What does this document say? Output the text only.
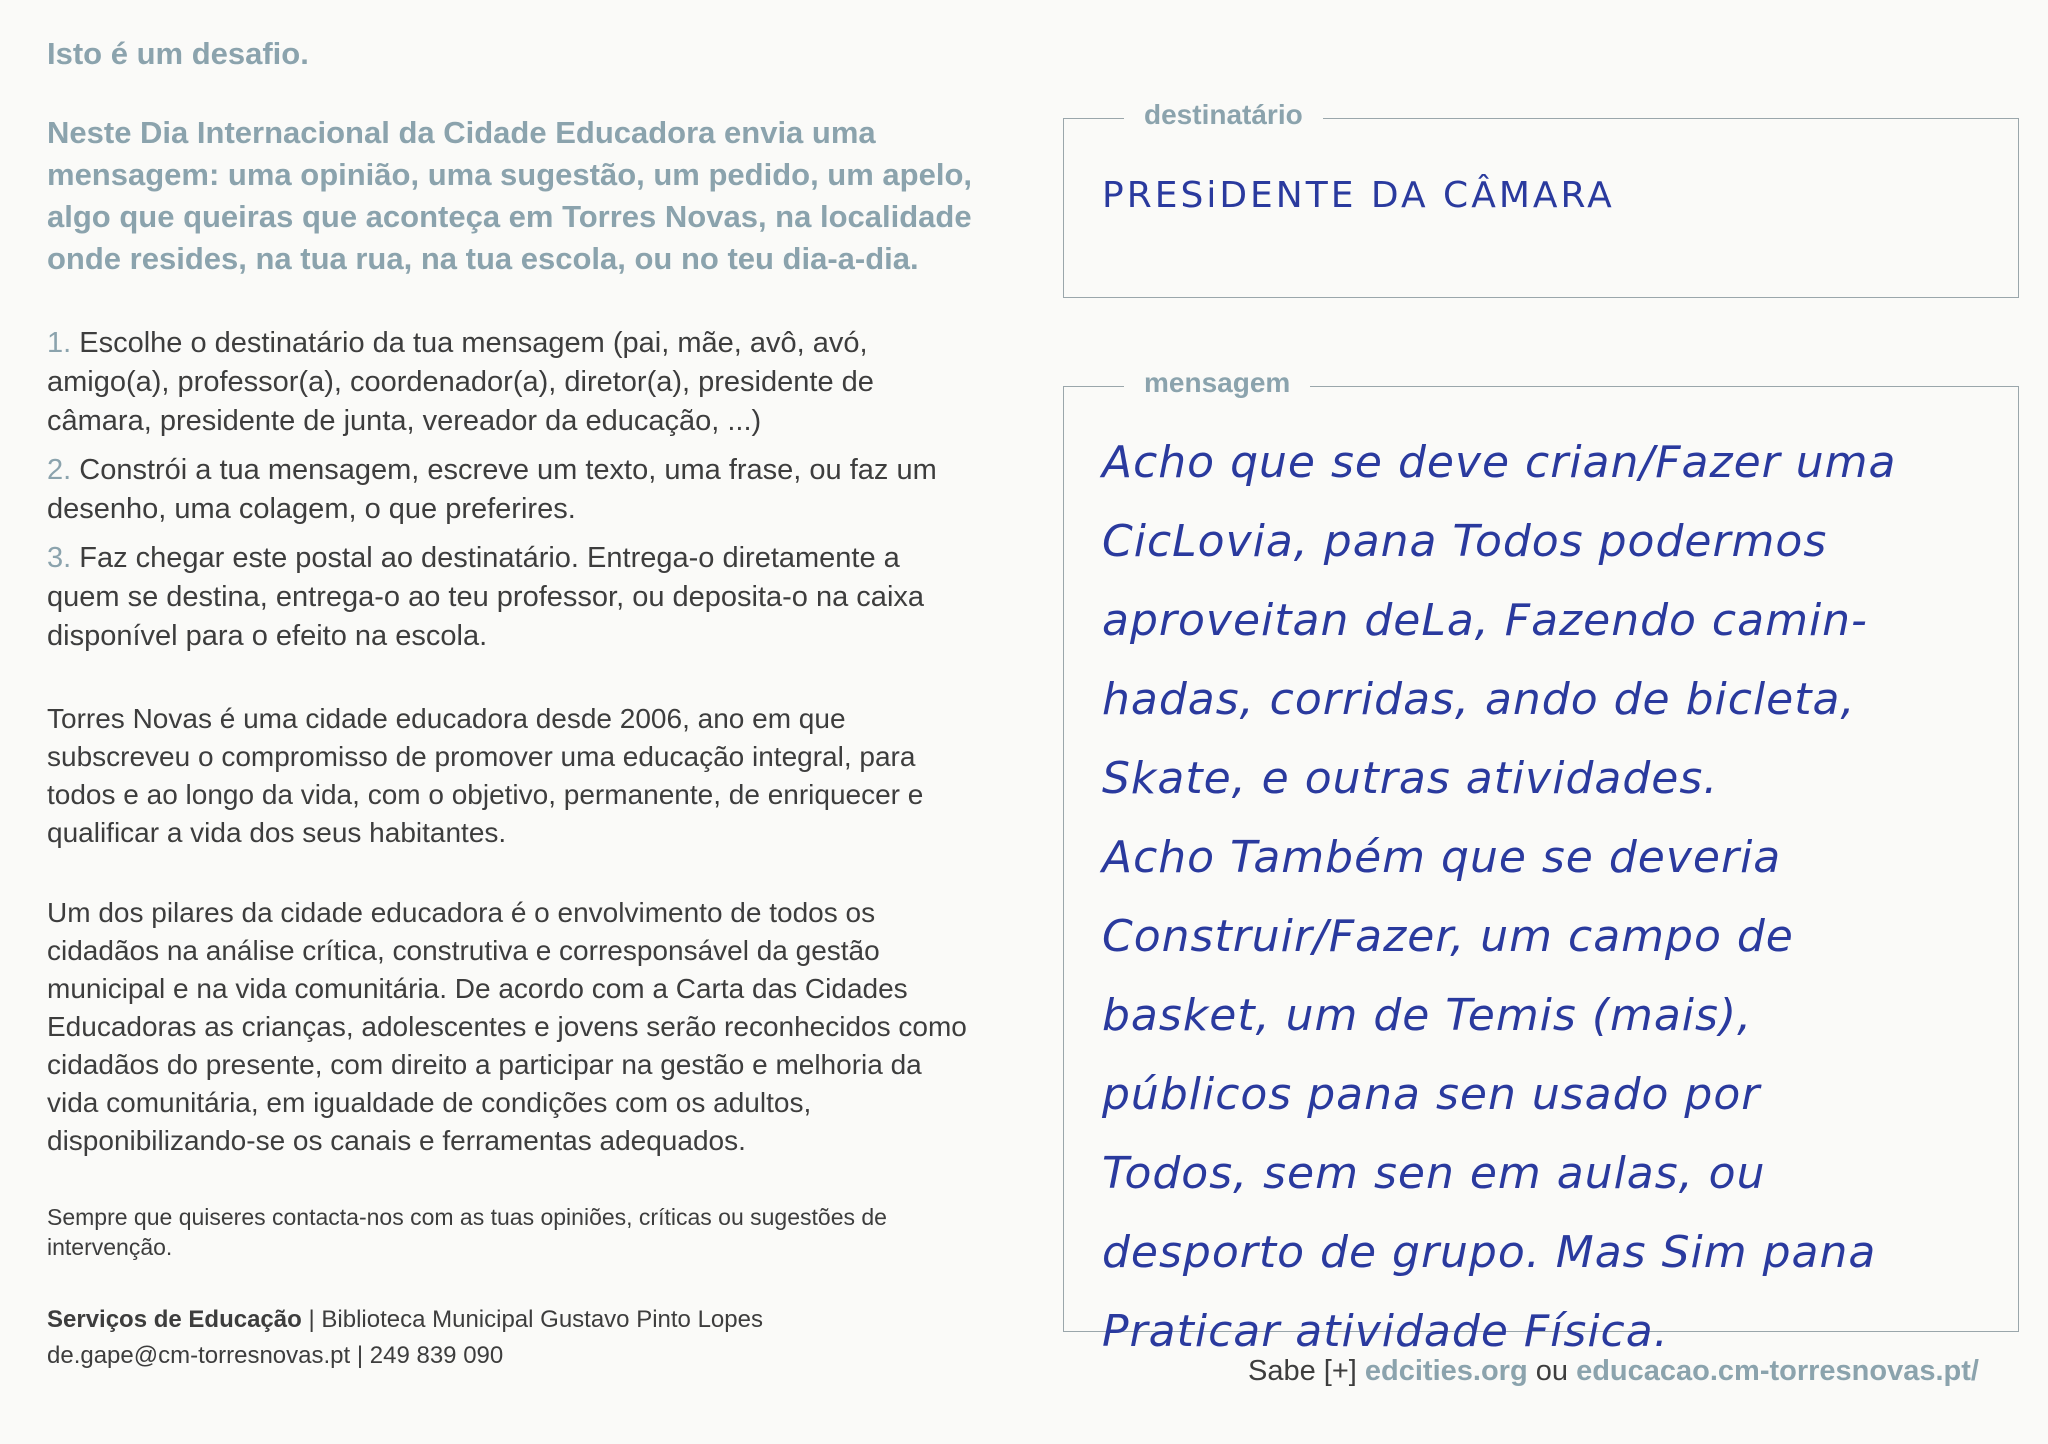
Isto é um desafio.
Neste Dia Internacional da Cidade Educadora envia uma mensagem: uma opinião, uma sugestão, um pedido, um apelo, algo que queiras que aconteça em Torres Novas, na localidade onde resides, na tua rua, na tua escola, ou no teu dia-a-dia.
1. Escolhe o destinatário da tua mensagem (pai, mãe, avô, avó, amigo(a), professor(a), coordenador(a), diretor(a), presidente de câmara, presidente de junta, vereador da educação, ...)
2. Constrói a tua mensagem, escreve um texto, uma frase, ou faz um desenho, uma colagem, o que preferires.
3. Faz chegar este postal ao destinatário. Entrega-o diretamente a quem se destina, entrega-o ao teu professor, ou deposita-o na caixa disponível para o efeito na escola.
Torres Novas é uma cidade educadora desde 2006, ano em que subscreveu o compromisso de promover uma educação integral, para todos e ao longo da vida, com o objetivo, permanente, de enriquecer e qualificar a vida dos seus habitantes.
Um dos pilares da cidade educadora é o envolvimento de todos os cidadãos na análise crítica, construtiva e corresponsável da gestão municipal e na vida comunitária. De acordo com a Carta das Cidades Educadoras as crianças, adolescentes e jovens serão reconhecidos como cidadãos do presente, com direito a participar na gestão e melhoria da vida comunitária, em igualdade de condições com os adultos, disponibilizando-se os canais e ferramentas adequados.
Sempre que quiseres contacta-nos com as tuas opiniões, críticas ou sugestões de intervenção.
Serviços de Educação | Biblioteca Municipal Gustavo Pinto Lopes
de.gape@cm-torresnovas.pt | 249 839 090
destinatário
PRESiDENTE DA CÂMARA
mensagem
Acho que se deve crian/Fazer uma
CicLovia, pana Todos podermos
aproveitan deLa, Fazendo camin-
hadas, corridas, ando de bicleta,
Skate, e outras atividades.
Acho Também que se deveria
Construir/Fazer, um campo de
basket, um de Temis (mais),
públicos pana sen usado por
Todos, sem sen em aulas, ou
desporto de grupo. Mas Sim pana
Praticar atividade Física.
Sabe [+] edcities.org ou educacao.cm-torresnovas.pt/
